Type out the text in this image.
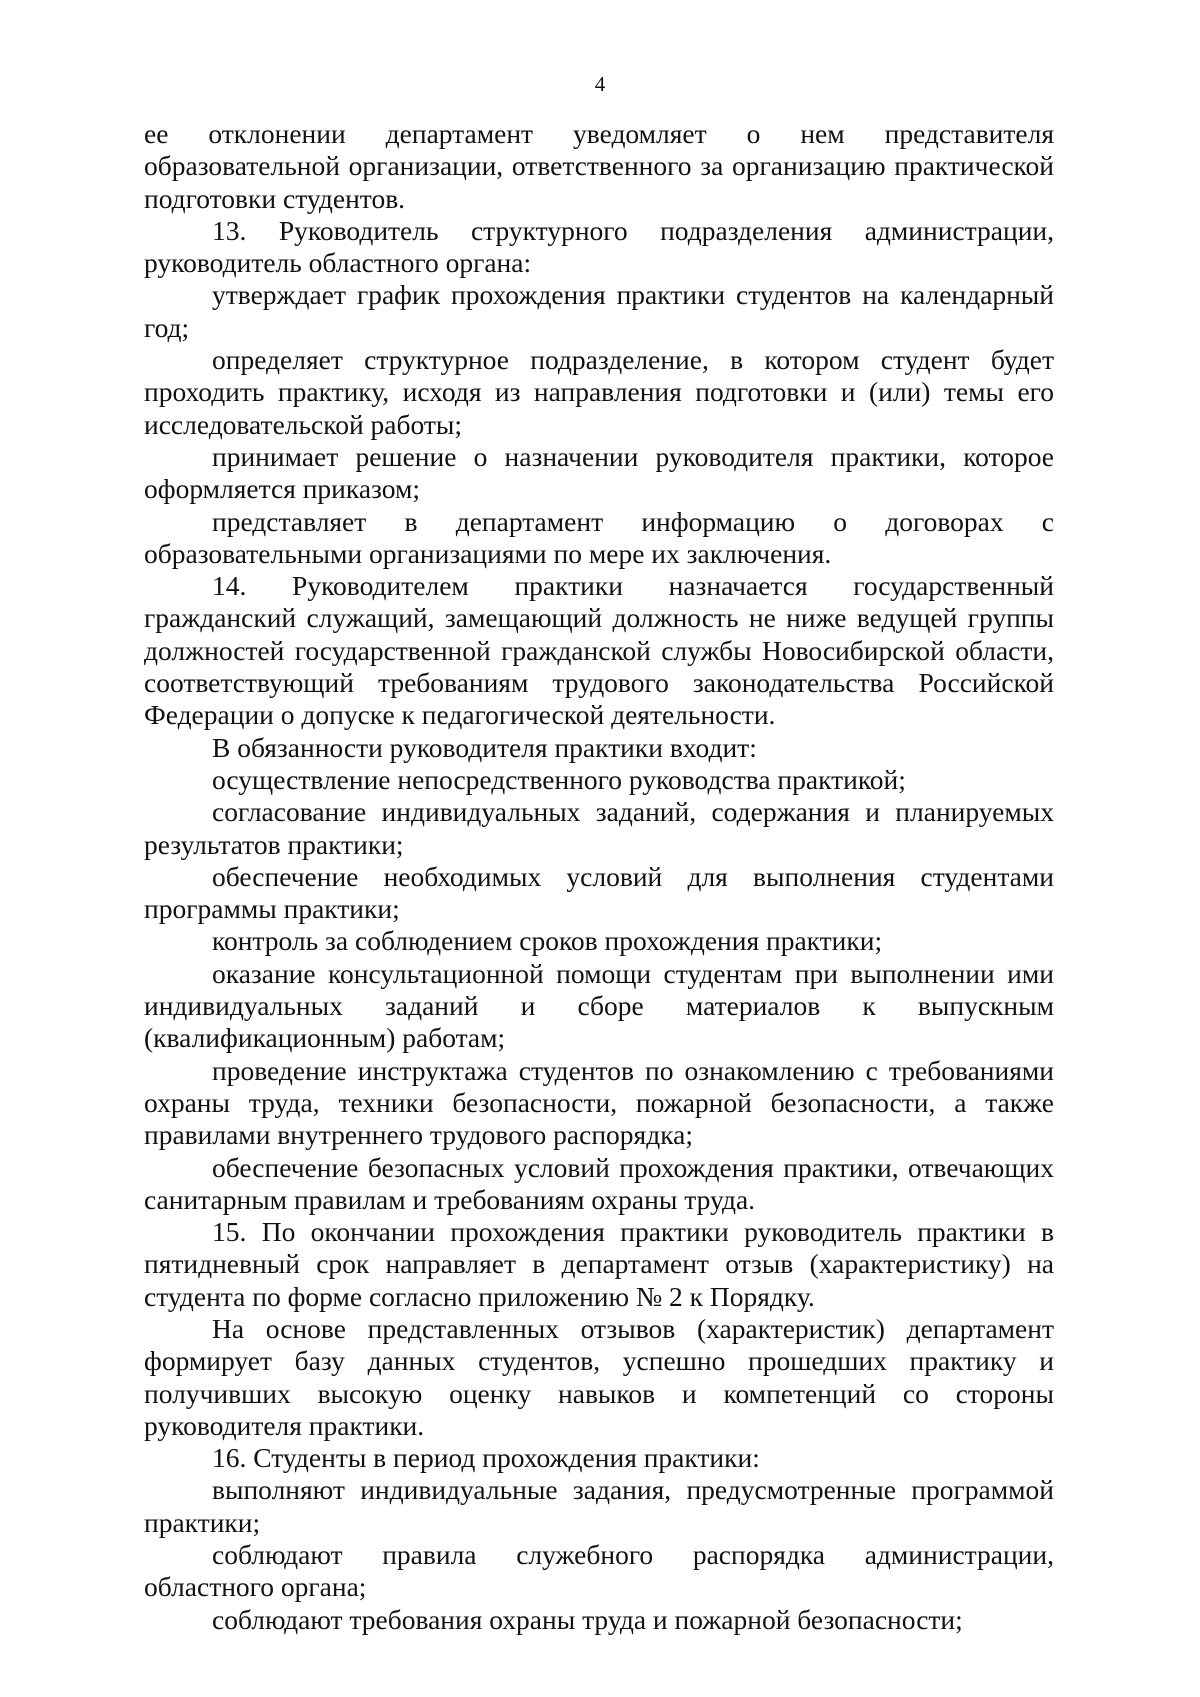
4

ее отклонении департамент уведомляет о нем представителя образовательной организации, ответственного за организацию практической подготовки студентов.

13. Руководитель структурного подразделения администрации, руководитель областного органа:

утверждает график прохождения практики студентов на календарный год;

определяет структурное подразделение, в котором студент будет проходить практику, исходя из направления подготовки и (или) темы его исследовательской работы;

принимает решение о назначении руководителя практики, которое оформляется приказом;

представляет в департамент информацию о договорах с образовательными организациями по мере их заключения.

14. Руководителем практики назначается государственный гражданский служащий, замещающий должность не ниже ведущей группы должностей государственной гражданской службы Новосибирской области, соответствующий требованиям трудового законодательства Российской Федерации о допуске к педагогической деятельности.

В обязанности руководителя практики входит:

осуществление непосредственного руководства практикой;

согласование индивидуальных заданий, содержания и планируемых результатов практики;

обеспечение необходимых условий для выполнения студентами программы практики;

контроль за соблюдением сроков прохождения практики;

оказание консультационной помощи студентам при выполнении ими индивидуальных заданий и сборе материалов к выпускным (квалификационным) работам;

проведение инструктажа студентов по ознакомлению с требованиями охраны труда, техники безопасности, пожарной безопасности, а также правилами внутреннего трудового распорядка;

обеспечение безопасных условий прохождения практики, отвечающих санитарным правилам и требованиям охраны труда.

15. По окончании прохождения практики руководитель практики в пятидневный срок направляет в департамент отзыв (характеристику) на студента по форме согласно приложению № 2 к Порядку.

На основе представленных отзывов (характеристик) департамент формирует базу данных студентов, успешно прошедших практику и получивших высокую оценку навыков и компетенций со стороны руководителя практики.

16. Студенты в период прохождения практики:

выполняют индивидуальные задания, предусмотренные программой практики;

соблюдают правила служебного распорядка администрации, областного органа;

соблюдают требования охраны труда и пожарной безопасности;
